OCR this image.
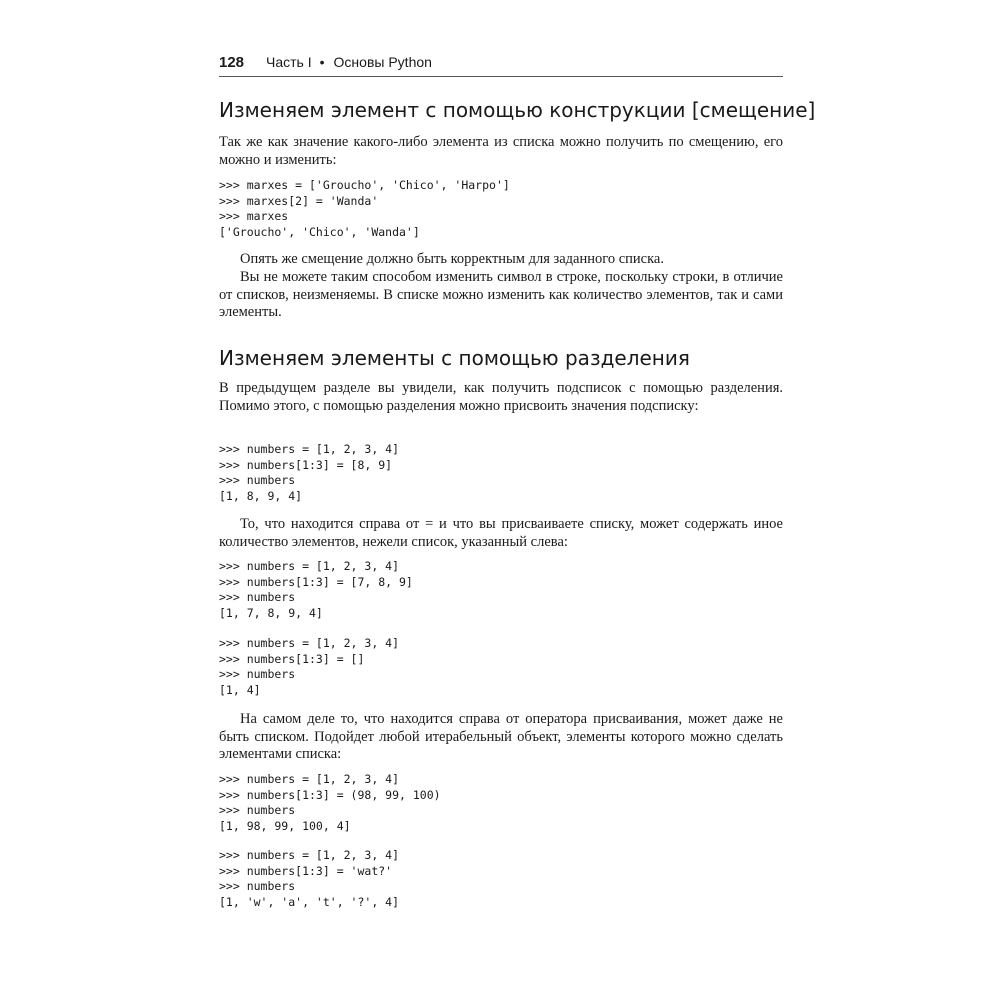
128 Часть I • Основы Python
Изменяем элемент с помощью конструкции [смещение]

Так же как значение какого-либо элемента из списка можно получить по смещению, его можно и изменить:

>>> marxes = ['Groucho', 'Chico', 'Harpo']
>>> marxes[2] = 'Wanda'
>>> marxes
['Groucho', 'Chico', 'Wanda']

Опять же смещение должно быть корректным для заданного списка.

Вы не можете таким способом изменить символ в строке, поскольку строки, в отличие от списков, неизменяемы. В списке можно изменить как количество элементов, так и сами элементы.

Изменяем элементы с помощью разделения

В предыдущем разделе вы увидели, как получить подсписок с помощью разделения. Помимо этого, с помощью разделения можно присвоить значения подсписку:

>>> numbers = [1, 2, 3, 4]
>>> numbers[1:3] = [8, 9]
>>> numbers
[1, 8, 9, 4]

То, что находится справа от = и что вы присваиваете списку, может содержать иное количество элементов, нежели список, указанный слева:

>>> numbers = [1, 2, 3, 4]
>>> numbers[1:3] = [7, 8, 9]
>>> numbers
[1, 7, 8, 9, 4]
>>> numbers = [1, 2, 3, 4]
>>> numbers[1:3] = []
>>> numbers
[1, 4]

На самом деле то, что находится справа от оператора присваивания, может даже не быть списком. Подойдет любой итерабельный объект, элементы которого можно сделать элементами списка:

>>> numbers = [1, 2, 3, 4]
>>> numbers[1:3] = (98, 99, 100)
>>> numbers
[1, 98, 99, 100, 4]
>>> numbers = [1, 2, 3, 4]
>>> numbers[1:3] = 'wat?'
>>> numbers
[1, 'w', 'a', 't', '?', 4]
